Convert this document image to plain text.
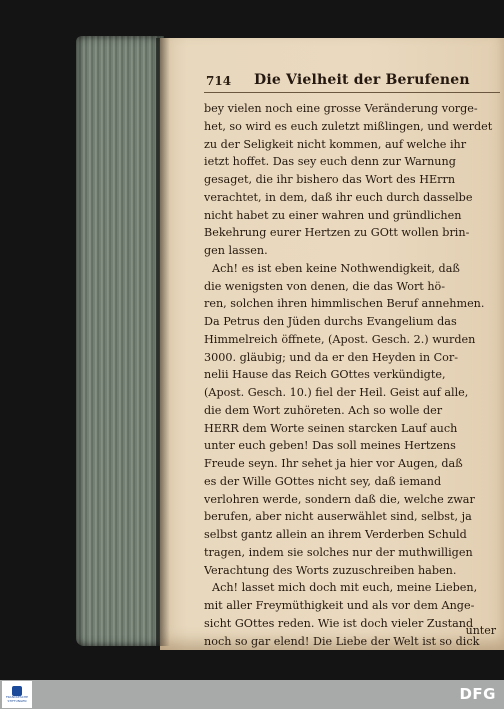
714 Die Vielheit der Berufenen
bey vielen noch eine grosse Veränderung vorge-
het, so wird es euch zuletzt mißlingen, und werdet
zu der Seligkeit nicht kommen, auf welche ihr
ietzt hoffet. Das sey euch denn zur Warnung
gesaget, die ihr bishero das Wort des HErrn
verachtet, in dem, daß ihr euch durch dasselbe
nicht habet zu einer wahren und gründlichen
Bekehrung eurer Hertzen zu GOtt wollen brin-
gen lassen.
Ach! es ist eben keine Nothwendigkeit, daß
die wenigsten von denen, die das Wort hö-
ren, solchen ihren himmlischen Beruf annehmen.
Da Petrus den Jüden durchs Evangelium das
Himmelreich öffnete, (Apost. Gesch. 2.) wurden
3000. gläubig; und da er den Heyden in Cor-
nelii Hause das Reich GOttes verkündigte,
(Apost. Gesch. 10.) fiel der Heil. Geist auf alle,
die dem Wort zuhöreten. Ach so wolle der
HERR dem Worte seinen starcken Lauf auch
unter euch geben! Das soll meines Hertzens
Freude seyn. Ihr sehet ja hier vor Augen, daß
es der Wille GOttes nicht sey, daß iemand
verlohren werde, sondern daß die, welche zwar
berufen, aber nicht auserwählet sind, selbst, ja
selbst gantz allein an ihrem Verderben Schuld
tragen, indem sie solches nur der muthwilligen
Verachtung des Worts zuzuschreiben haben.
Ach! lasset mich doch mit euch, meine Lieben,
mit aller Freymüthigkeit und als vor dem Ange-
sicht GOttes reden. Wie ist doch vieler Zustand
noch so gar elend! Die Liebe der Welt ist so dick
unter
FRANCKESCHE STIFTUNGEN	DFG
